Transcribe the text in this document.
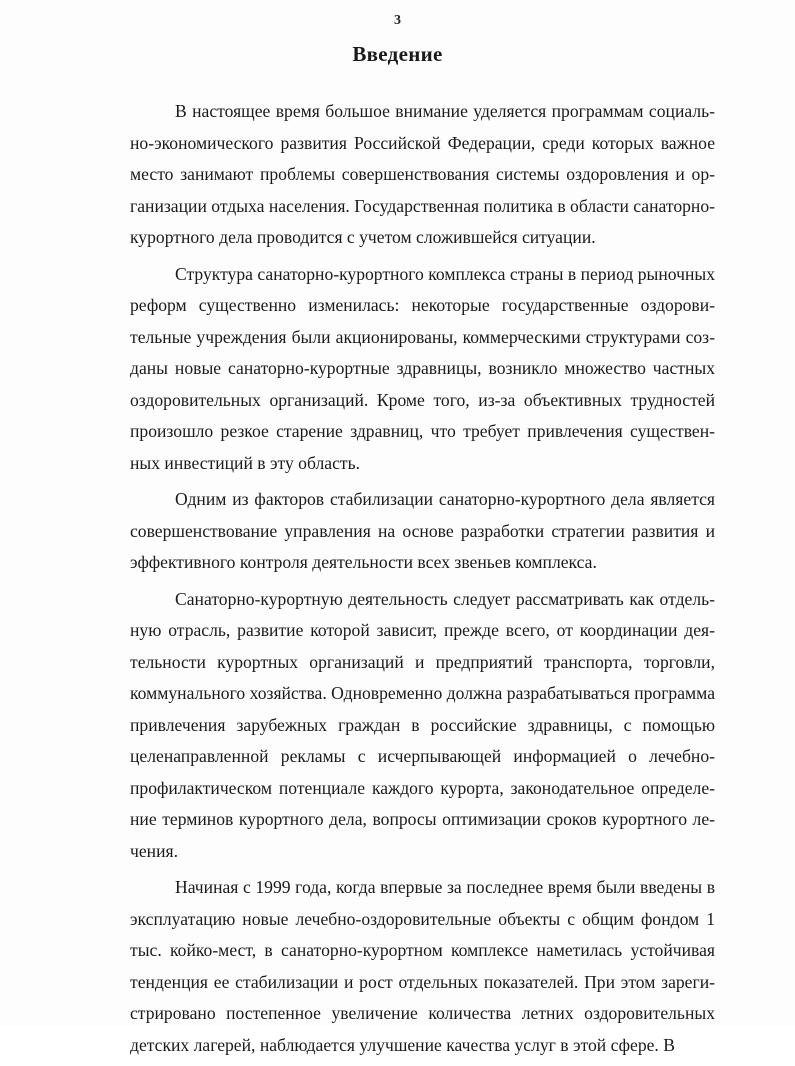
3
Введение

В настоящее время большое внимание уделяется программам социально-экономического развития Российской Федерации, среди которых важное место занимают проблемы совершенствования системы оздоровления и организации отдыха населения. Государственная политика в области санаторно-курортного дела проводится с учетом сложившейся ситуации.

Структура санаторно-курортного комплекса страны в период рыночных реформ существенно изменилась: некоторые государственные оздоровительные учреждения были акционированы, коммерческими структурами созданы новые санаторно-курортные здравницы, возникло множество частных оздоровительных организаций. Кроме того, из-за объективных трудностей произошло резкое старение здравниц, что требует привлечения существенных инвестиций в эту область.

Одним из факторов стабилизации санаторно-курортного дела является совершенствование управления на основе разработки стратегии развития и эффективного контроля деятельности всех звеньев комплекса.

Санаторно-курортную деятельность следует рассматривать как отдельную отрасль, развитие которой зависит, прежде всего, от координации деятельности курортных организаций и предприятий транспорта, торговли, коммунального хозяйства. Одновременно должна разрабатываться программа привлечения зарубежных граждан в российские здравницы, с помощью целенаправленной рекламы с исчерпывающей информацией о лечебно-профилактическом потенциале каждого курорта, законодательное определение терминов курортного дела, вопросы оптимизации сроков курортного лечения.

Начиная с 1999 года, когда впервые за последнее время были введены в эксплуатацию новые лечебно-оздоровительные объекты с общим фондом 1 тыс. койко-мест, в санаторно-курортном комплексе наметилась устойчивая тенденция ее стабилизации и рост отдельных показателей. При этом зарегистрировано постепенное увеличение количества летних оздоровительных детских лагерей, наблюдается улучшение качества услуг в этой сфере. В
